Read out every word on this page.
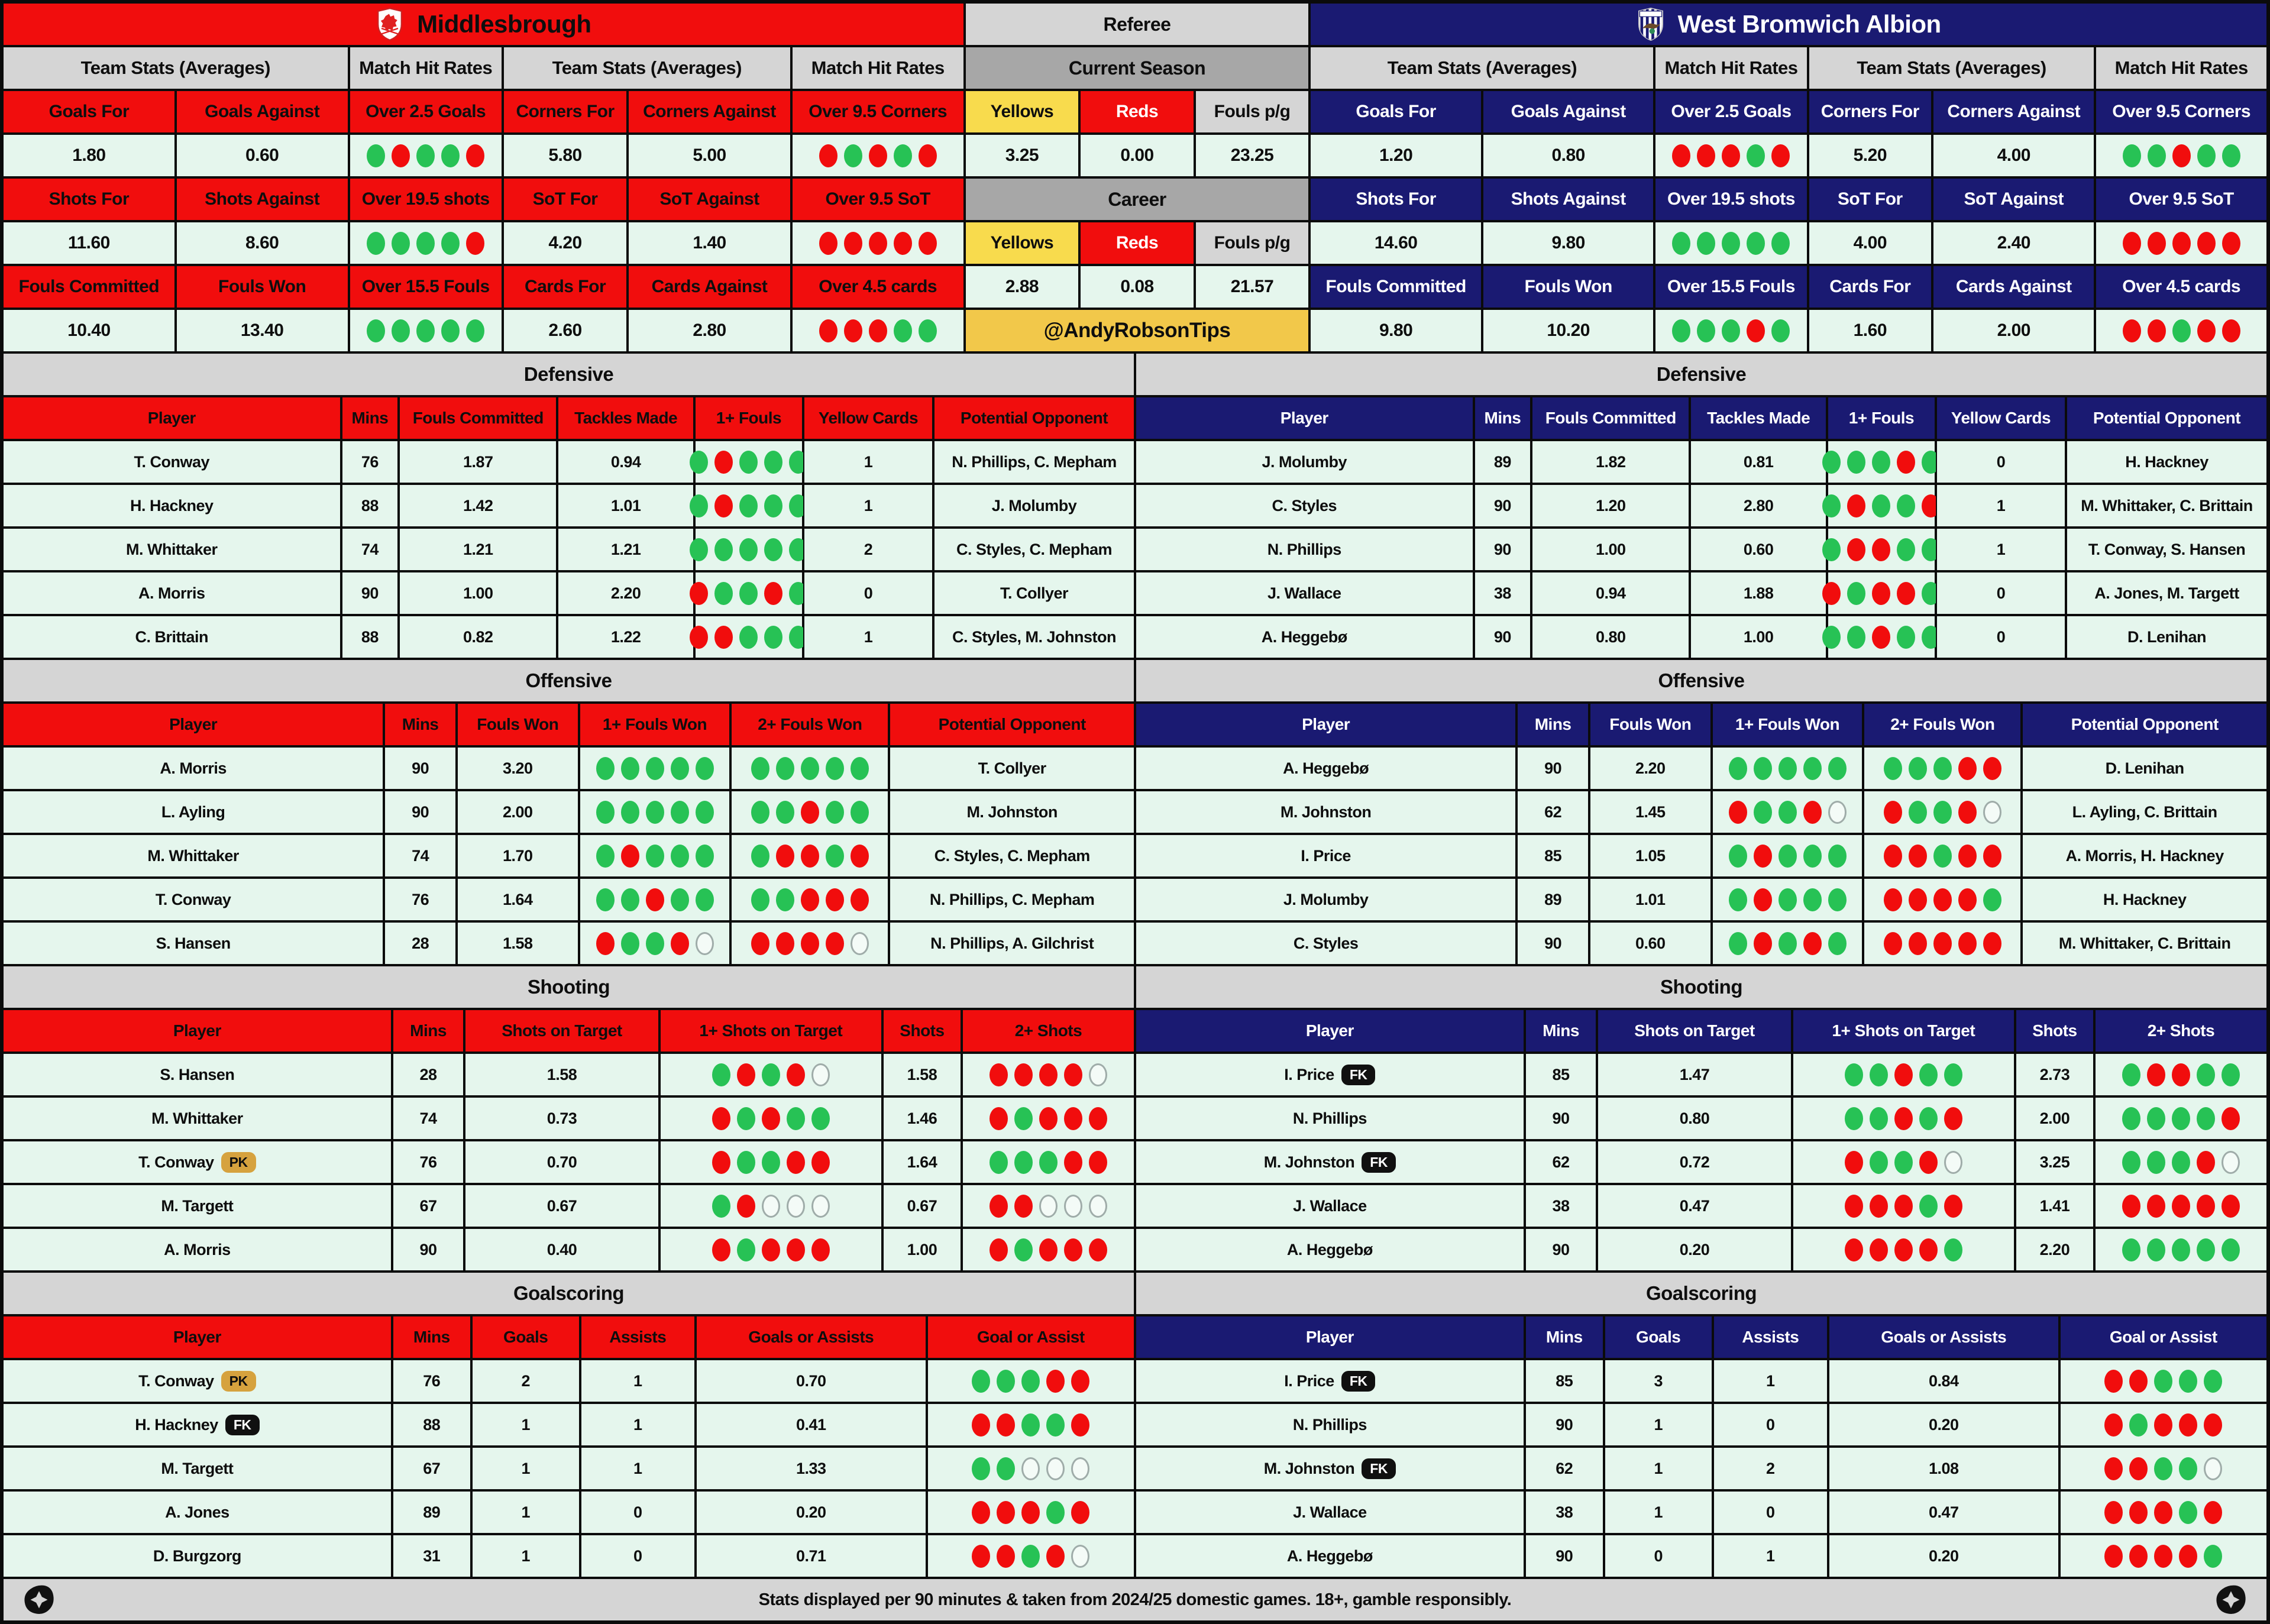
Middlesbrough
Team Stats (Averages)	Match Hit Rates	Team Stats (Averages)	Match Hit Rates
Goals For	Goals Against	Over 2.5 Goals	Corners For	Corners Against	Over 9.5 Corners
1.80	0.60	5.80	5.00
Shots For	Shots Against	Over 19.5 shots	SoT For	SoT Against	Over 9.5 SoT
11.60	8.60	4.20	1.40
Fouls Committed	Fouls Won	Over 15.5 Fouls	Cards For	Cards Against	Over 4.5 cards
10.40	13.40	2.60	2.80
Referee
Current Season
Yellows	Reds	Fouls p/g
3.25	0.00	23.25
Career
Yellows	Reds	Fouls p/g
2.88	0.08	21.57
@AndyRobsonTips
West Bromwich Albion
Team Stats (Averages)	Match Hit Rates	Team Stats (Averages)	Match Hit Rates
Goals For	Goals Against	Over 2.5 Goals	Corners For	Corners Against	Over 9.5 Corners
1.20	0.80	5.20	4.00
Shots For	Shots Against	Over 19.5 shots	SoT For	SoT Against	Over 9.5 SoT
14.60	9.80	4.00	2.40
Fouls Committed	Fouls Won	Over 15.5 Fouls	Cards For	Cards Against	Over 4.5 cards
9.80	10.20	1.60	2.00
Defensive
Player	Mins	Fouls Committed	Tackles Made	1+ Fouls	Yellow Cards	Potential Opponent
T. Conway	76	1.87	0.94	1	N. Phillips, C. Mepham
H. Hackney	88	1.42	1.01	1	J. Molumby
M. Whittaker	74	1.21	1.21	2	C. Styles, C. Mepham
A. Morris	90	1.00	2.20	0	T. Collyer
C. Brittain	88	0.82	1.22	1	C. Styles, M. Johnston
Defensive
Player	Mins	Fouls Committed	Tackles Made	1+ Fouls	Yellow Cards	Potential Opponent
J. Molumby	89	1.82	0.81	0	H. Hackney
C. Styles	90	1.20	2.80	1	M. Whittaker, C. Brittain
N. Phillips	90	1.00	0.60	1	T. Conway, S. Hansen
J. Wallace	38	0.94	1.88	0	A. Jones, M. Targett
A. Heggebø	90	0.80	1.00	0	D. Lenihan
Offensive
Player	Mins	Fouls Won	1+ Fouls Won	2+ Fouls Won	Potential Opponent
A. Morris	90	3.20	T. Collyer
L. Ayling	90	2.00	M. Johnston
M. Whittaker	74	1.70	C. Styles, C. Mepham
T. Conway	76	1.64	N. Phillips, C. Mepham
S. Hansen	28	1.58	N. Phillips, A. Gilchrist
Offensive
Player	Mins	Fouls Won	1+ Fouls Won	2+ Fouls Won	Potential Opponent
A. Heggebø	90	2.20	D. Lenihan
M. Johnston	62	1.45	L. Ayling, C. Brittain
I. Price	85	1.05	A. Morris, H. Hackney
J. Molumby	89	1.01	H. Hackney
C. Styles	90	0.60	M. Whittaker, C. Brittain
Shooting
Player	Mins	Shots on Target	1+ Shots on Target	Shots	2+ Shots
S. Hansen	28	1.58	1.58
M. Whittaker	74	0.73	1.46
T. Conway	PK	76	0.70	1.64
M. Targett	67	0.67	0.67
A. Morris	90	0.40	1.00
Shooting
Player	Mins	Shots on Target	1+ Shots on Target	Shots	2+ Shots
I. Price	FK	85	1.47	2.73
N. Phillips	90	0.80	2.00
M. Johnston	FK	62	0.72	3.25
J. Wallace	38	0.47	1.41
A. Heggebø	90	0.20	2.20
Goalscoring
Player	Mins	Goals	Assists	Goals or Assists	Goal or Assist
T. Conway	PK	76	2	1	0.70
H. Hackney	FK	88	1	1	0.41
M. Targett	67	1	1	1.33
A. Jones	89	1	0	0.20
D. Burgzorg	31	1	0	0.71
Goalscoring
Player	Mins	Goals	Assists	Goals or Assists	Goal or Assist
I. Price	FK	85	3	1	0.84
N. Phillips	90	1	0	0.20
M. Johnston	FK	62	1	2	1.08
J. Wallace	38	1	0	0.47
A. Heggebø	90	0	1	0.20
Stats displayed per 90 minutes & taken from 2024/25 domestic games. 18+, gamble responsibly.
